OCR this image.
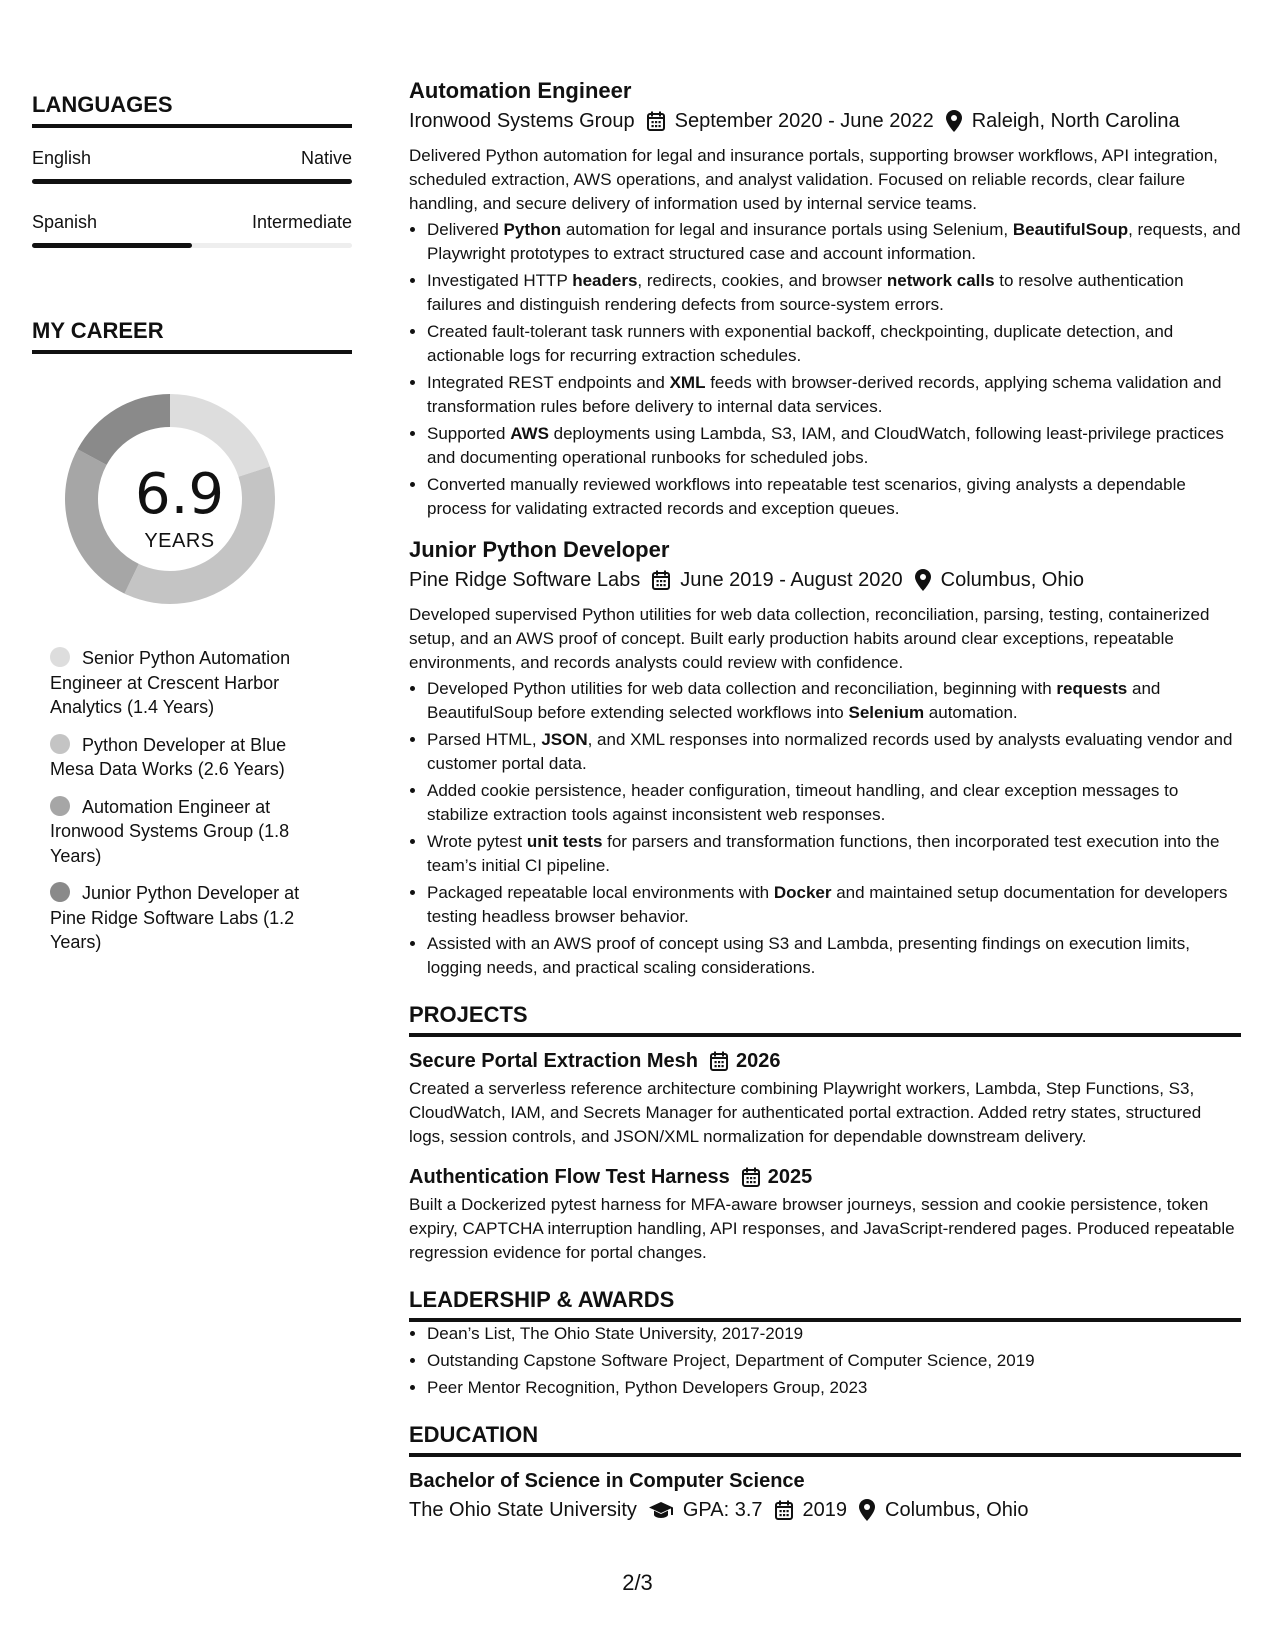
LANGUAGES
English	Native
Spanish	Intermediate
MY CAREER
6.9
YEARS
Senior Python Automation Engineer at Crescent Harbor Analytics (1.4 Years)
Python Developer at Blue Mesa Data Works (2.6 Years)
Automation Engineer at Ironwood Systems Group (1.8 Years)
Junior Python Developer at Pine Ridge Software Labs (1.2 Years)
Automation Engineer
Ironwood Systems Group September 2020 - June 2022 Raleigh, North Carolina

Delivered Python automation for legal and insurance portals, supporting browser workflows, API integration, scheduled extraction, AWS operations, and analyst validation. Focused on reliable records, clear failure handling, and secure delivery of information used by internal service teams.

• Delivered Python automation for legal and insurance portals using Selenium, BeautifulSoup, requests, and Playwright prototypes to extract structured case and account information.
• Investigated HTTP headers, redirects, cookies, and browser network calls to resolve authentication failures and distinguish rendering defects from source-system errors.
• Created fault-tolerant task runners with exponential backoff, checkpointing, duplicate detection, and actionable logs for recurring extraction schedules.
• Integrated REST endpoints and XML feeds with browser-derived records, applying schema validation and transformation rules before delivery to internal data services.
• Supported AWS deployments using Lambda, S3, IAM, and CloudWatch, following least-privilege practices and documenting operational runbooks for scheduled jobs.
• Converted manually reviewed workflows into repeatable test scenarios, giving analysts a dependable process for validating extracted records and exception queues.
Junior Python Developer
Pine Ridge Software Labs June 2019 - August 2020 Columbus, Ohio

Developed supervised Python utilities for web data collection, reconciliation, parsing, testing, containerized setup, and an AWS proof of concept. Built early production habits around clear exceptions, repeatable environments, and records analysts could review with confidence.

• Developed Python utilities for web data collection and reconciliation, beginning with requests and BeautifulSoup before extending selected workflows into Selenium automation.
• Parsed HTML, JSON, and XML responses into normalized records used by analysts evaluating vendor and customer portal data.
• Added cookie persistence, header configuration, timeout handling, and clear exception messages to stabilize extraction tools against inconsistent web responses.
• Wrote pytest unit tests for parsers and transformation functions, then incorporated test execution into the team’s initial CI pipeline.
• Packaged repeatable local environments with Docker and maintained setup documentation for developers testing headless browser behavior.
• Assisted with an AWS proof of concept using S3 and Lambda, presenting findings on execution limits, logging needs, and practical scaling considerations.
PROJECTS
Secure Portal Extraction Mesh 2026
Created a serverless reference architecture combining Playwright workers, Lambda, Step Functions, S3, CloudWatch, IAM, and Secrets Manager for authenticated portal extraction. Added retry states, structured logs, session controls, and JSON/XML normalization for dependable downstream delivery.
Authentication Flow Test Harness 2025
Built a Dockerized pytest harness for MFA-aware browser journeys, session and cookie persistence, token expiry, CAPTCHA interruption handling, API responses, and JavaScript-rendered pages. Produced repeatable regression evidence for portal changes.
LEADERSHIP & AWARDS
• Dean’s List, The Ohio State University, 2017-2019
• Outstanding Capstone Software Project, Department of Computer Science, 2019
• Peer Mentor Recognition, Python Developers Group, 2023
EDUCATION
Bachelor of Science in Computer Science
The Ohio State University GPA: 3.7 2019 Columbus, Ohio
2/3
